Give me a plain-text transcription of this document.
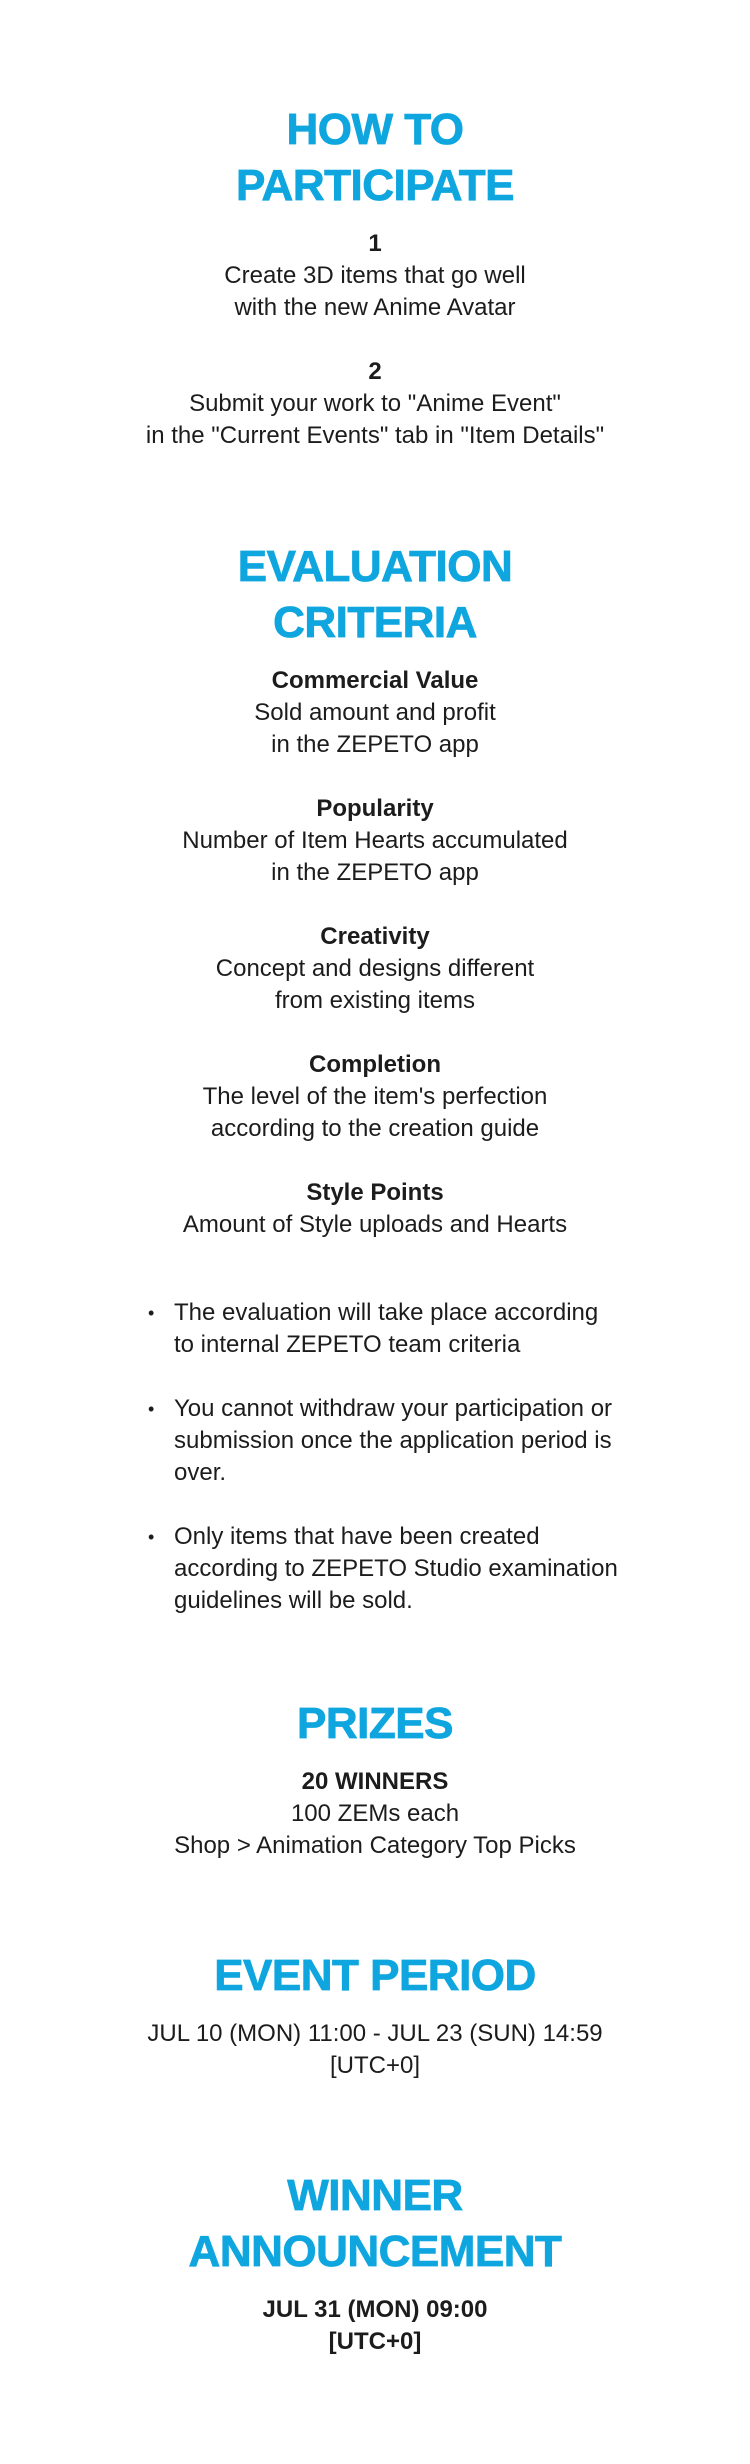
HOW TO
PARTICIPATE
1
Create 3D items that go well
with the new Anime Avatar
2
Submit your work to "Anime Event"
in the "Current Events" tab in "Item Details"
EVALUATION
CRITERIA
Commercial Value
Sold amount and profit
in the ZEPETO app
Popularity
Number of Item Hearts accumulated
in the ZEPETO app
Creativity
Concept and designs different
from existing items
Completion
The level of the item's perfection
according to the creation guide
Style Points
Amount of Style uploads and Hearts
• The evaluation will take place according to internal ZEPETO team criteria
• You cannot withdraw your participation or submission once the application period is over.
• Only items that have been created according to ZEPETO Studio examination guidelines will be sold.
PRIZES
20 WINNERS
100 ZEMs each
Shop > Animation Category Top Picks
EVENT PERIOD
JUL 10 (MON) 11:00 - JUL 23 (SUN) 14:59
[UTC+0]
WINNER
ANNOUNCEMENT
JUL 31 (MON) 09:00
[UTC+0]
